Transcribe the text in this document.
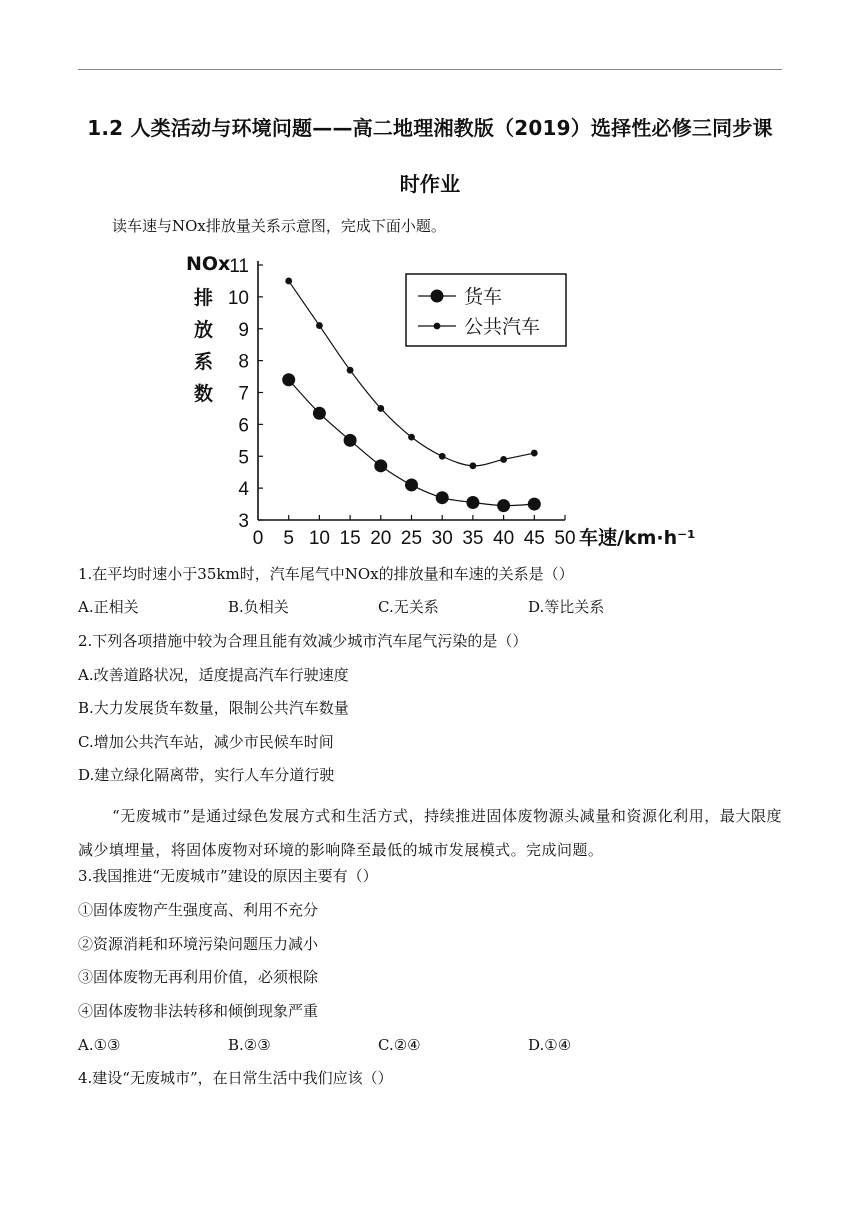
1.2 人类活动与环境问题——高二地理湘教版（2019）选择性必修三同步课
时作业
读车速与NOx排放量关系示意图，完成下面小题。
车速/km·h⁻¹
NOx
排
放
系
数
3
4
5
6
7
8
9
10
11
0 5 10 15 20 25 30 35 40 45 50
货车
公共汽车
1.在平均时速小于35km时，汽车尾气中NOx的排放量和车速的关系是（）
A.正相关	B.负相关	C.无关系	D.等比关系
2.下列各项措施中较为合理且能有效减少城市汽车尾气污染的是（）
A.改善道路状况，适度提高汽车行驶速度
B.大力发展货车数量，限制公共汽车数量
C.增加公共汽车站，减少市民候车时间
D.建立绿化隔离带，实行人车分道行驶
“无废城市”是通过绿色发展方式和生活方式，持续推进固体废物源头减量和资源化利用，最大限度减少填埋量，将固体废物对环境的影响降至最低的城市发展模式。完成问题。
3.我国推进“无废城市”建设的原因主要有（）
①固体废物产生强度高、利用不充分
②资源消耗和环境污染问题压力减小
③固体废物无再利用价值，必须根除
④固体废物非法转移和倾倒现象严重
A.①③	B.②③	C.②④	D.①④
4.建设“无废城市”，在日常生活中我们应该（）
